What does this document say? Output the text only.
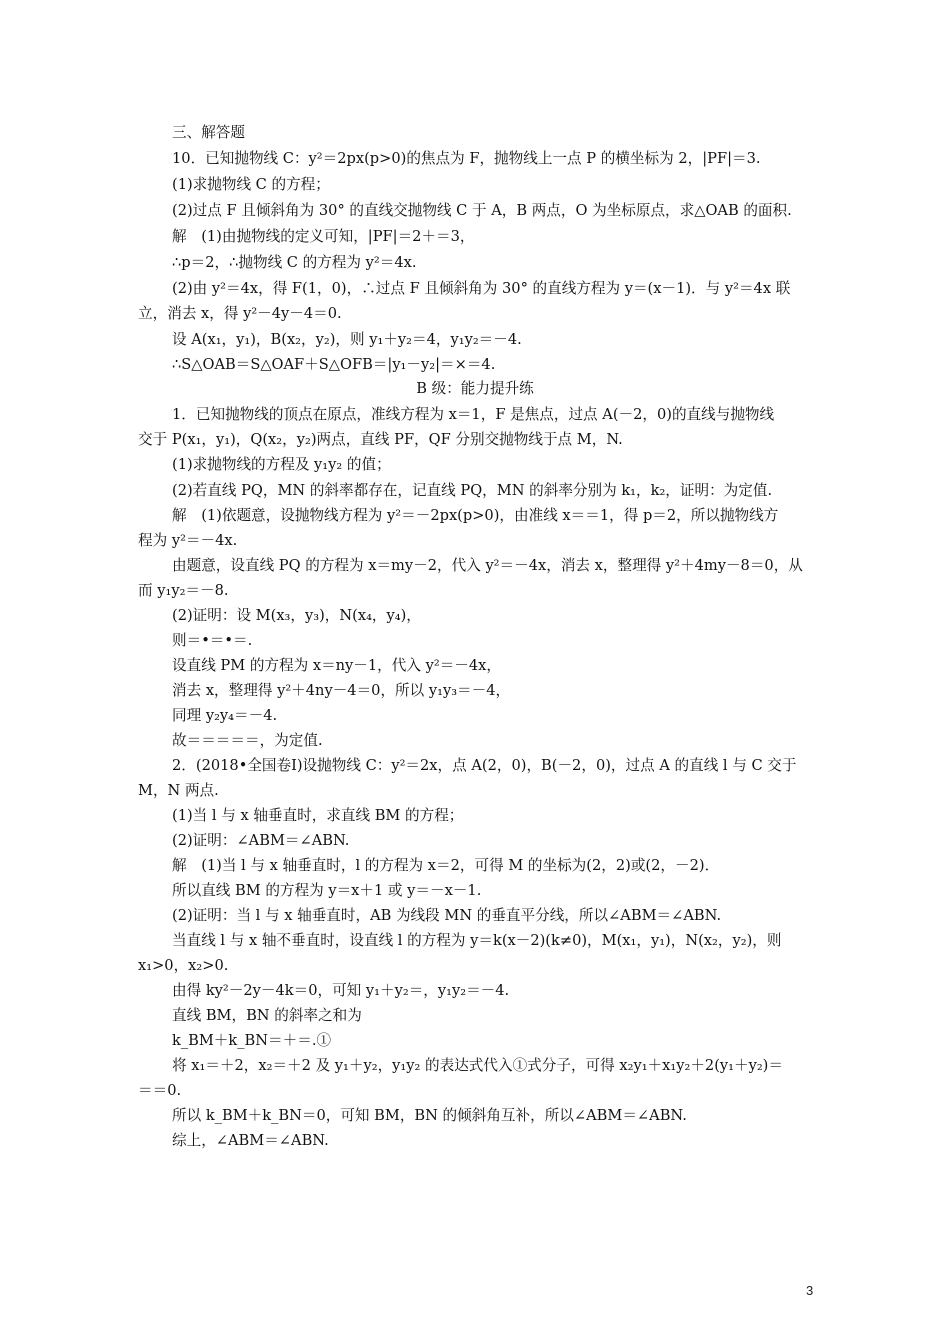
三、解答题
10．已知抛物线 C：y²＝2px(p>0)的焦点为 F，抛物线上一点 P 的横坐标为 2，|PF|＝3.
(1)求抛物线 C 的方程；
(2)过点 F 且倾斜角为 30° 的直线交抛物线 C 于 A，B 两点，O 为坐标原点，求△OAB 的面积.
解　(1)由抛物线的定义可知，|PF|＝2＋＝3，
∴p＝2，∴抛物线 C 的方程为 y²＝4x.
(2)由 y²＝4x，得 F(1，0)，∴过点 F 且倾斜角为 30° 的直线方程为 y＝(x－1)．与 y²＝4x 联
立，消去 x，得 y²－4y－4＝0.
设 A(x₁，y₁)，B(x₂，y₂)，则 y₁＋y₂＝4，y₁y₂＝－4.
∴S△OAB＝S△OAF＋S△OFB＝|y₁－y₂|＝×＝4.
B 级：能力提升练
1．已知抛物线的顶点在原点，准线方程为 x＝1，F 是焦点，过点 A(－2，0)的直线与抛物线
交于 P(x₁，y₁)，Q(x₂，y₂)两点，直线 PF，QF 分别交抛物线于点 M，N.
(1)求抛物线的方程及 y₁y₂ 的值；
(2)若直线 PQ，MN 的斜率都存在，记直线 PQ，MN 的斜率分别为 k₁，k₂，证明：为定值.
解　(1)依题意，设抛物线方程为 y²＝－2px(p>0)，由准线 x＝＝1，得 p＝2，所以抛物线方
程为 y²＝－4x.
由题意，设直线 PQ 的方程为 x＝my－2，代入 y²＝－4x，消去 x，整理得 y²＋4my－8＝0，从
而 y₁y₂＝－8.
(2)证明：设 M(x₃，y₃)，N(x₄，y₄)，
则＝•＝•＝.
设直线 PM 的方程为 x＝ny－1，代入 y²＝－4x，
消去 x，整理得 y²＋4ny－4＝0，所以 y₁y₃＝－4，
同理 y₂y₄＝－4.
故＝＝＝＝＝，为定值.
2．(2018•全国卷Ⅰ)设抛物线 C：y²＝2x，点 A(2，0)，B(－2，0)，过点 A 的直线 l 与 C 交于
M，N 两点.
(1)当 l 与 x 轴垂直时，求直线 BM 的方程；
(2)证明：∠ABM＝∠ABN.
解　(1)当 l 与 x 轴垂直时，l 的方程为 x＝2，可得 M 的坐标为(2，2)或(2，－2)．
所以直线 BM 的方程为 y＝x＋1 或 y＝－x－1.
(2)证明：当 l 与 x 轴垂直时，AB 为线段 MN 的垂直平分线，所以∠ABM＝∠ABN.
当直线 l 与 x 轴不垂直时，设直线 l 的方程为 y＝k(x－2)(k≠0)，M(x₁，y₁)，N(x₂，y₂)，则
x₁>0，x₂>0.
由得 ky²－2y－4k＝0，可知 y₁＋y₂＝，y₁y₂＝－4.
直线 BM，BN 的斜率之和为
k_BM＋k_BN＝＋＝.①
将 x₁＝＋2，x₂＝＋2 及 y₁＋y₂，y₁y₂ 的表达式代入①式分子，可得 x₂y₁＋x₁y₂＋2(y₁＋y₂)＝
＝＝0.
所以 k_BM＋k_BN＝0，可知 BM，BN 的倾斜角互补，所以∠ABM＝∠ABN.
综上，∠ABM＝∠ABN.
3
